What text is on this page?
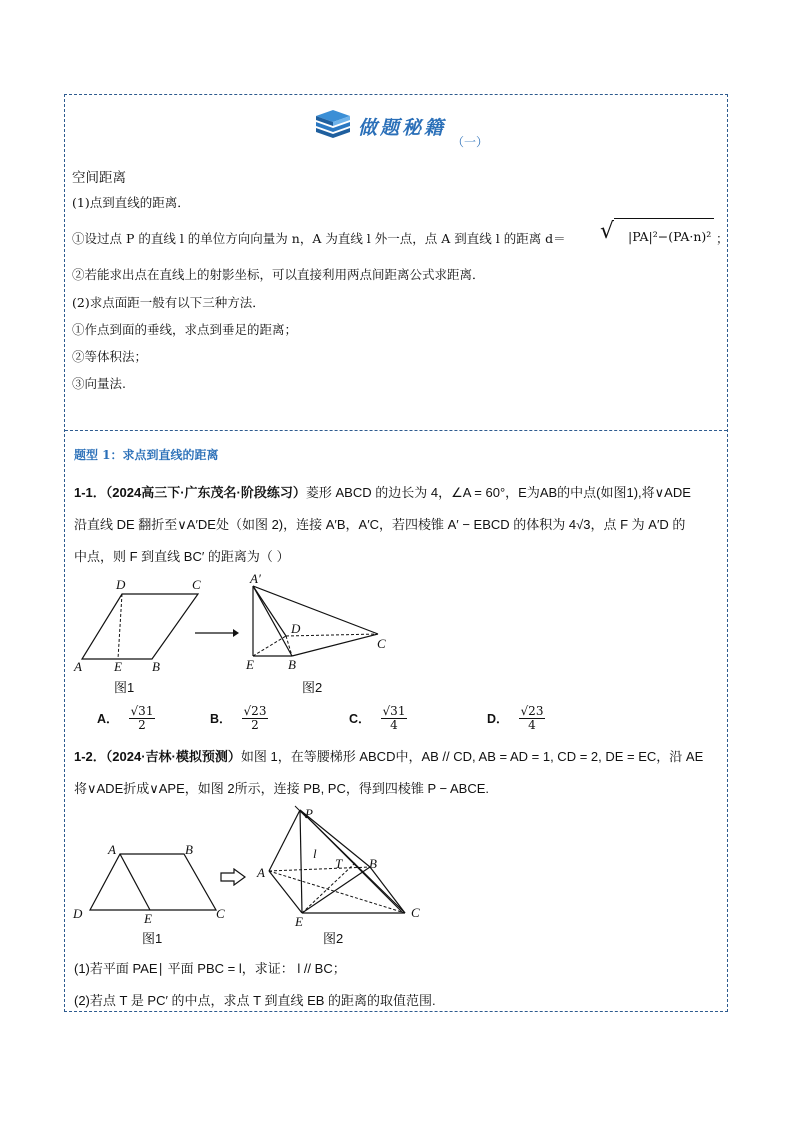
做题秘籍
（一）
空间距离
(1)点到直线的距离．
①设过点 P 的直线 l 的单位方向向量为 n，A 为直线 l 外一点，点 A 到直线 l 的距离 d＝ √ |PA|²−(PA·n)² ；
②若能求出点在直线上的射影坐标，可以直接利用两点间距离公式求距离．
(2)求点面距一般有以下三种方法．
①作点到面的垂线，求点到垂足的距离；
②等体积法；
③向量法.
题型 1：求点到直线的距离
1-1．（2024高三下·广东茂名·阶段练习）菱形 ABCD 的边长为 4，∠A = 60°，E为AB的中点(如图1),将∨ADE
沿直线 DE 翻折至∨A′DE处（如图 2)，连接 A′B，A′C，若四棱锥 A′ − EBCD 的体积为 4√3，点 F 为 A′D 的
中点，则 F 到直线 BC′ 的距离为（ ）
D	C
A E B
图1
A′
D
C
E	B
图2
A． $\frac{√31}{2}$	B． $\frac{√23}{2}$	C． $\frac{√31}{4}$	D． $\frac{√23}{4}$
1-2．（2024·吉林·模拟预测）如图 1，在等腰梯形 ABCD中，AB // CD, AB = AD = 1, CD = 2, DE = EC，沿 AE
将∨ADE折成∨APE，如图 2所示，连接 PB, PC，得到四棱锥 P − ABCE.
A	B
D	E	C
图1
P
l
T B
A
E
C
图2
(1)若平面 PAE∣ 平面 PBC = l，求证： l // BC；
(2)若点 T 是 PC′ 的中点，求点 T 到直线 EB 的距离的取值范围.
